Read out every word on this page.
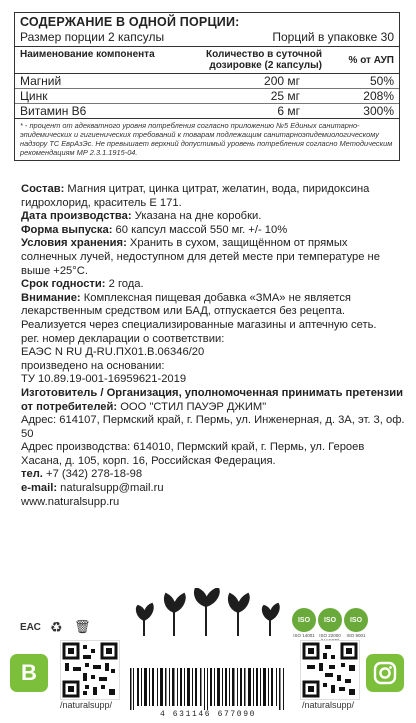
СОДЕРЖАНИЕ В ОДНОЙ ПОРЦИИ:
Размер порции 2 капсулы	Порций в упаковке 30
Наименование компонента	Количество в суточной дозировке (2 капсулы)	% от АУП
Магний	200 мг	50%
Цинк	25 мг	208%
Витамин В6	6 мг	300%
* - процент от адекватного уровня потребления согласно приложению №5 Единых санитарно-эпидемических и гигиенических требований к товарам подлежащим санитарноэпидемиологическому надзору ТС ЕврАзЭс. Не превышает верхний допустимый уровень потребления согласно Методическим рекомендациям МР 2.3.1.1915-04.

Состав: Магния цитрат, цинка цитрат, желатин, вода, пиридоксина гидрохлорид, краситель Е 171.

Дата производства: Указана на дне коробки.

Форма выпуска: 60 капсул массой 550 мг. +/- 10%

Условия хранения: Хранить в сухом, защищённом от прямых солнечных лучей, недоступном для детей месте при температуре не выше +25°С.

Срок годности: 2 года.

Внимание: Комплексная пищевая добавка «ЗМА» не является лекарственным средством или БАД, отпускается без рецепта. Реализуется через специализированные магазины и аптечную сеть.

рег. номер декларации о соответствии:

ЕАЭС N RU Д-RU.ПХ01.В.06346/20

произведено на основании:

ТУ 10.89.19-001-16959621-2019

Изготовитель / Организация, уполномоченная принимать претензии от потребителей: ООО "СТИЛ ПАУЭР ДЖИМ"

Адрес: 614107, Пермский край, г. Пермь, ул. Инженерная, д. 3А, эт. 3, оф. 50

Адрес производства: 614010, Пермский край, г. Пермь, ул. Героев Хасана, д. 105, корп. 16, Российская Федерация.

тел. +7 (342) 278-18-98

e-mail: naturalsupp@mail.ru

www.naturalsupp.ru

ЕАС ♻ 🗑
В
/naturalsupp/
4 631146 677090
ISO	ISO	ISO
ISO 14001 ISO 22000	ISO 9001
/naturalsupp/
